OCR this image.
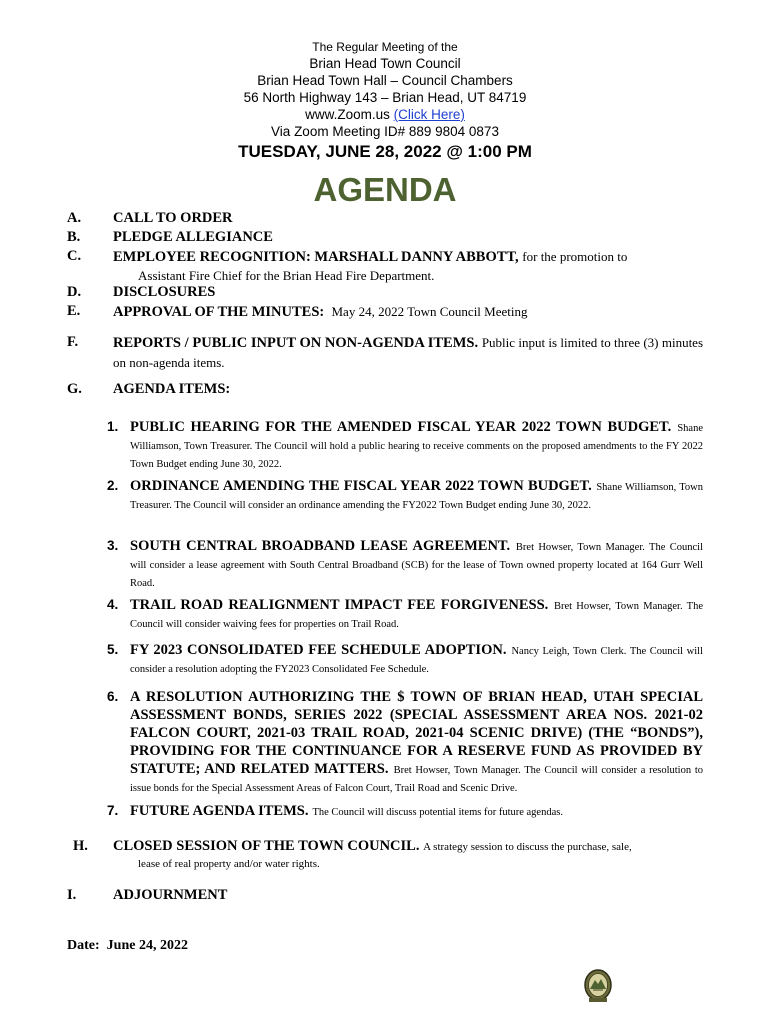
The Regular Meeting of the
Brian Head Town Council
Brian Head Town Hall – Council Chambers
56 North Highway 143 – Brian Head, UT 84719
www.Zoom.us (Click Here)
Via Zoom Meeting ID# 889 9804 0873
TUESDAY, JUNE 28, 2022 @ 1:00 PM
AGENDA
A. CALL TO ORDER
B. PLEDGE ALLEGIANCE
C. EMPLOYEE RECOGNITION: MARSHALL DANNY ABBOTT, for the promotion to
Assistant Fire Chief for the Brian Head Fire Department.
D. DISCLOSURES
E. APPROVAL OF THE MINUTES: May 24, 2022 Town Council Meeting
F. REPORTS / PUBLIC INPUT ON NON-AGENDA ITEMS. Public input is limited to three (3) minutes on non-agenda items.
G. AGENDA ITEMS:
1. PUBLIC HEARING FOR THE AMENDED FISCAL YEAR 2022 TOWN BUDGET. Shane Williamson, Town Treasurer. The Council will hold a public hearing to receive comments on the proposed amendments to the FY 2022 Town Budget ending June 30, 2022.
2. ORDINANCE AMENDING THE FISCAL YEAR 2022 TOWN BUDGET. Shane Williamson, Town Treasurer. The Council will consider an ordinance amending the FY2022 Town Budget ending June 30, 2022.
3. SOUTH CENTRAL BROADBAND LEASE AGREEMENT. Bret Howser, Town Manager. The Council will consider a lease agreement with South Central Broadband (SCB) for the lease of Town owned property located at 164 Gurr Well Road.
4. TRAIL ROAD REALIGNMENT IMPACT FEE FORGIVENESS. Bret Howser, Town Manager. The Council will consider waiving fees for properties on Trail Road.
5. FY 2023 CONSOLIDATED FEE SCHEDULE ADOPTION. Nancy Leigh, Town Clerk. The Council will consider a resolution adopting the FY2023 Consolidated Fee Schedule.
6. A RESOLUTION AUTHORIZING THE $ TOWN OF BRIAN HEAD, UTAH SPECIAL ASSESSMENT BONDS, SERIES 2022 (SPECIAL ASSESSMENT AREA NOS. 2021-02 FALCON COURT, 2021-03 TRAIL ROAD, 2021-04 SCENIC DRIVE) (THE “BONDS”), PROVIDING FOR THE CONTINUANCE FOR A RESERVE FUND AS PROVIDED BY STATUTE; AND RELATED MATTERS. Bret Howser, Town Manager. The Council will consider a resolution to issue bonds for the Special Assessment Areas of Falcon Court, Trail Road and Scenic Drive.
7. FUTURE AGENDA ITEMS. The Council will discuss potential items for future agendas.
H. CLOSED SESSION OF THE TOWN COUNCIL. A strategy session to discuss the purchase, sale,
lease of real property and/or water rights.
I.	ADJOURNMENT
Date: June 24, 2022
